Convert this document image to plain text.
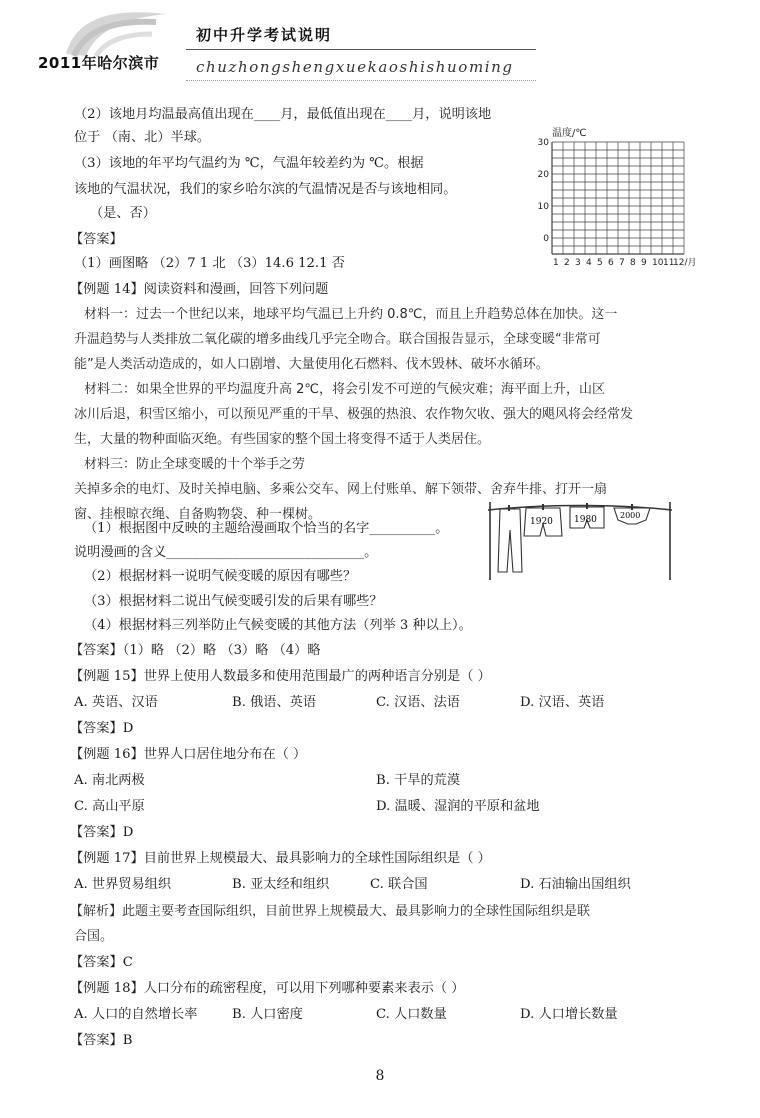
2011年哈尔滨市
初中升学考试说明
chuzhongshengxuekaoshishuoming
（2）该地月均温最高值出现在____月，最低值出现在____月，说明该地
位于 （南、北）半球。
（3）该地的年平均气温约为 ℃，气温年较差约为 ℃。根据
该地的气温状况，我们的家乡哈尔滨的气温情况是否与该地相同。
（是、否）
【答案】
（1）画图略 （2）7 1 北 （3）14.6 12.1 否
【例题 14】阅读资料和漫画，回答下列问题
材料一：过去一个世纪以来，地球平均气温已上升约 0.8℃，而且上升趋势总体在加快。这一
升温趋势与人类排放二氧化碳的增多曲线几乎完全吻合。联合国报告显示，全球变暖“非常可
能”是人类活动造成的，如人口剧增、大量使用化石燃料、伐木毁林、破坏水循环。
材料二：如果全世界的平均温度升高 2℃，将会引发不可逆的气候灾难；海平面上升，山区
冰川后退，积雪区缩小，可以预见严重的干旱、极强的热浪、农作物欠收、强大的飓风将会经常发
生，大量的物种面临灭绝。有些国家的整个国土将变得不适于人类居住。
材料三：防止全球变暖的十个举手之劳
关掉多余的电灯、及时关掉电脑、多乘公交车、网上付账单、解下领带、舍弃牛排、打开一扇
窗、挂根晾衣绳、自备购物袋、种一棵树。
（1）根据图中反映的主题给漫画取个恰当的名字__________。
说明漫画的含义______________________________。
（2）根据材料一说明气候变暖的原因有哪些？
（3）根据材料二说出气候变暖引发的后果有哪些？
（4）根据材料三列举防止气候变暖的其他方法（列举 3 种以上）。
【答案】（1）略 （2）略 （3）略 （4）略
【例题 15】世界上使用人数最多和使用范围最广的两种语言分别是（ ）
A. 英语、汉语	B. 俄语、英语	C. 汉语、法语	D. 汉语、英语
【答案】D
【例题 16】世界人口居住地分布在（ ）
A. 南北两极	B. 干旱的荒漠
C. 高山平原	D. 温暖、湿润的平原和盆地
【答案】D
【例题 17】目前世界上规模最大、最具影响力的全球性国际组织是（ ）
A. 世界贸易组织	B. 亚太经和组织	C. 联合国	D. 石油输出国组织
【解析】此题主要考查国际组织，目前世界上规模最大、最具影响力的全球性国际组织是联
合国。
【答案】C
【例题 18】人口分布的疏密程度，可以用下列哪种要素来表示（ ）
A. 人口的自然增长率	B. 人口密度	C. 人口数量	D. 人口增长数量
【答案】B
温度/℃
30
20
10
0
1 2 3 4 5 6 7 8 9 10 11
12/月
1920 1980	2000
8
